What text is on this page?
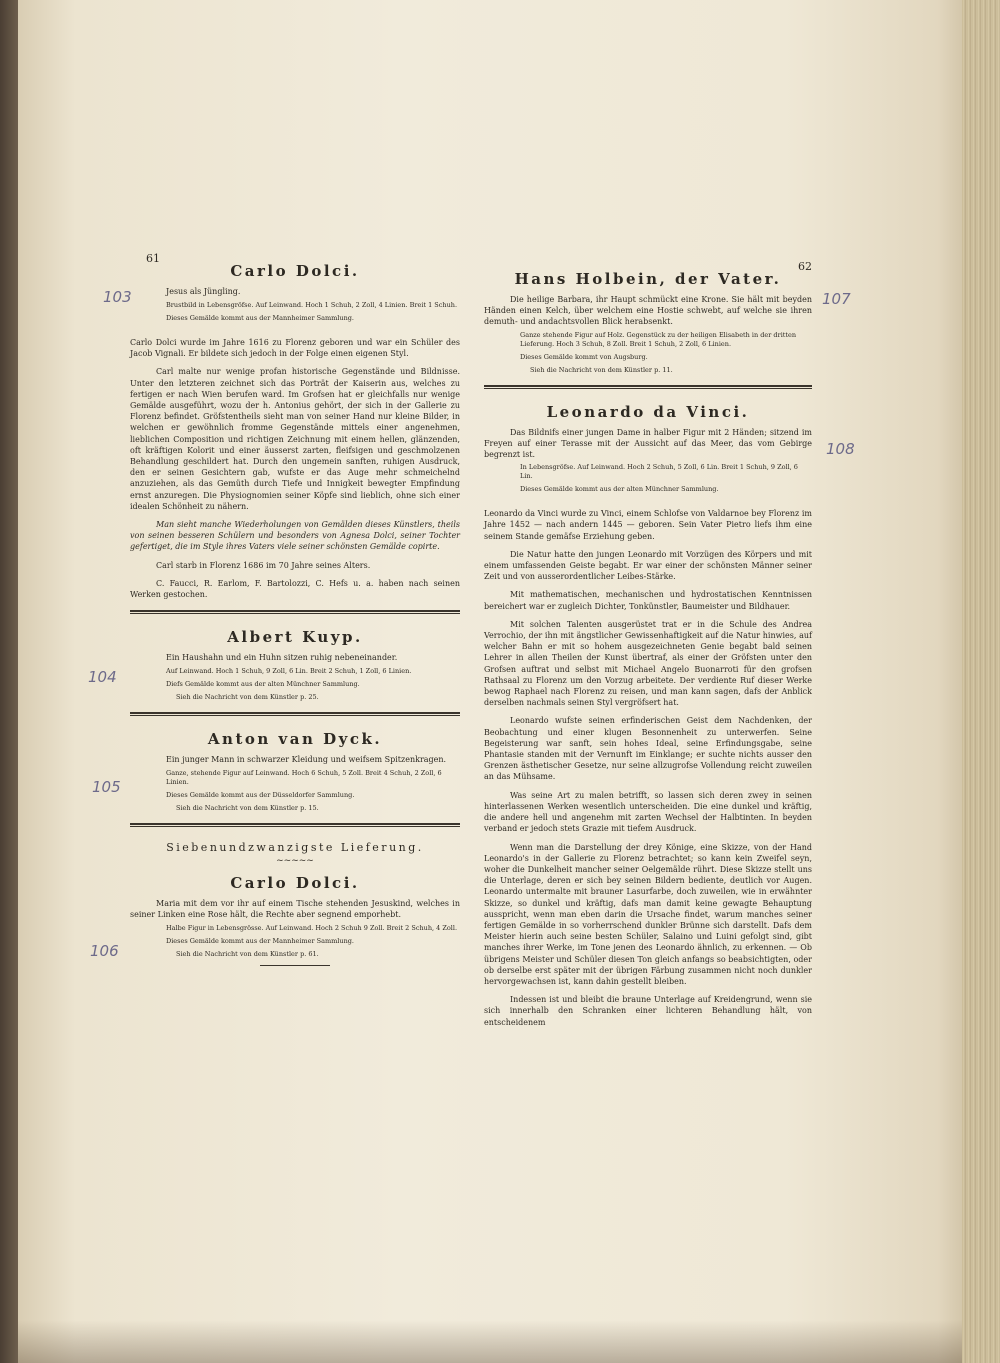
61
62
103
104
105
106
107
108
Carlo Dolci.
Jesus als Jüngling.
Brustbild in Lebensgröfse. Auf Leinwand. Hoch 1 Schuh, 2 Zoll, 4 Linien. Breit 1 Schuh.
Dieses Gemälde kommt aus der Mannheimer Sammlung.
Carlo Dolci wurde im Jahre 1616 zu Florenz geboren und war ein Schüler des Jacob Vignali. Er bildete sich jedoch in der Folge einen eigenen Styl.
Carl malte nur wenige profan historische Gegenstände und Bildnisse. Unter den letzteren zeichnet sich das Porträt der Kaiserin aus, welches zu fertigen er nach Wien berufen ward. Im Grofsen hat er gleichfalls nur wenige Gemälde ausgeführt, wozu der h. Antonius gehört, der sich in der Gallerie zu Florenz befindet. Gröfstentheils sieht man von seiner Hand nur kleine Bilder, in welchen er gewöhnlich fromme Gegenstände mittels einer angenehmen, lieblichen Composition und richtigen Zeichnung mit einem hellen, glänzenden, oft kräftigen Kolorit und einer äusserst zarten, fleifsigen und geschmolzenen Behandlung geschildert hat. Durch den ungemein sanften, ruhigen Ausdruck, den er seinen Gesichtern gab, wufste er das Auge mehr schmeichelnd anzuziehen, als das Gemüth durch Tiefe und Innigkeit bewegter Empfindung ernst anzuregen. Die Physiognomien seiner Köpfe sind lieblich, ohne sich einer idealen Schönheit zu nähern.
Man sieht manche Wiederholungen von Gemälden dieses Künstlers, theils von seinen besseren Schülern und besonders von Agnesa Dolci, seiner Tochter gefertiget, die im Style ihres Vaters viele seiner schönsten Gemälde copirte.
Carl starb in Florenz 1686 im 70 Jahre seines Alters.
C. Faucci, R. Earlom, F. Bartolozzi, C. Hefs u. a. haben nach seinen Werken gestochen.
Albert Kuyp.
Ein Haushahn und ein Huhn sitzen ruhig nebeneinander.
Auf Leinwand. Hoch 1 Schuh, 9 Zoll, 6 Lin. Breit 2 Schuh, 1 Zoll, 6 Linien.
Diefs Gemälde kommt aus der alten Münchner Sammlung.
Sieh die Nachricht von dem Künstler p. 25.
Anton van Dyck.
Ein junger Mann in schwarzer Kleidung und weifsem Spitzenkragen.
Ganze, stehende Figur auf Leinwand. Hoch 6 Schuh, 5 Zoll. Breit 4 Schuh, 2 Zoll, 6 Linien.
Dieses Gemälde kommt aus der Düsseldorfer Sammlung.
Sieh die Nachricht von dem Künstler p. 15.
Siebenundzwanzigste Lieferung.
~~~~~
Carlo Dolci.
Maria mit dem vor ihr auf einem Tische stehenden Jesuskind, welches in seiner Linken eine Rose hält, die Rechte aber segnend emporhebt.
Halbe Figur in Lebensgrösse. Auf Leinwand. Hoch 2 Schuh 9 Zoll. Breit 2 Schuh, 4 Zoll.
Dieses Gemälde kommt aus der Mannheimer Sammlung.
Sieh die Nachricht von dem Künstler p. 61.
Hans Holbein, der Vater.
Die heilige Barbara, ihr Haupt schmückt eine Krone. Sie hält mit beyden Händen einen Kelch, über welchem eine Hostie schwebt, auf welche sie ihren demuth- und andachtsvollen Blick herabsenkt.
Ganze stehende Figur auf Holz. Gegenstück zu der heiligen Elisabeth in der dritten Lieferung. Hoch 3 Schuh, 8 Zoll. Breit 1 Schuh, 2 Zoll, 6 Linien.
Dieses Gemälde kommt von Augsburg.
Sieh die Nachricht von dem Künstler p. 11.
Leonardo da Vinci.
Das Bildnifs einer jungen Dame in halber Figur mit 2 Händen; sitzend im Freyen auf einer Terasse mit der Aussicht auf das Meer, das vom Gebirge begrenzt ist.
In Lebensgröfse. Auf Leinwand. Hoch 2 Schuh, 5 Zoll, 6 Lin. Breit 1 Schuh, 9 Zoll, 6 Lin.
Dieses Gemälde kommt aus der alten Münchner Sammlung.
Leonardo da Vinci wurde zu Vinci, einem Schlofse von Valdarnoe bey Florenz im Jahre 1452 — nach andern 1445 — geboren. Sein Vater Pietro liefs ihm eine seinem Stande gemäfse Erziehung geben.
Die Natur hatte den jungen Leonardo mit Vorzügen des Körpers und mit einem umfassenden Geiste begabt. Er war einer der schönsten Männer seiner Zeit und von ausserordentlicher Leibes-Stärke.
Mit mathematischen, mechanischen und hydrostatischen Kenntnissen bereichert war er zugleich Dichter, Tonkünstler, Baumeister und Bildhauer.
Mit solchen Talenten ausgerüstet trat er in die Schule des Andrea Verrochio, der ihn mit ängstlicher Gewissenhaftigkeit auf die Natur hinwies, auf welcher Bahn er mit so hohem ausgezeichneten Genie begabt bald seinen Lehrer in allen Theilen der Kunst übertraf, als einer der Gröfsten unter den Grofsen auftrat und selbst mit Michael Angelo Buonarroti für den grofsen Rathsaal zu Florenz um den Vorzug arbeitete. Der verdiente Ruf dieser Werke bewog Raphael nach Florenz zu reisen, und man kann sagen, dafs der Anblick derselben nachmals seinen Styl vergröfsert hat.
Leonardo wufste seinen erfinderischen Geist dem Nachdenken, der Beobachtung und einer klugen Besonnenheit zu unterwerfen. Seine Begeisterung war sanft, sein hohes Ideal, seine Erfindungsgabe, seine Phantasie standen mit der Vernunft im Einklange; er suchte nichts ausser den Grenzen ästhetischer Gesetze, nur seine allzugrofse Vollendung reicht zuweilen an das Mühsame.
Was seine Art zu malen betrifft, so lassen sich deren zwey in seinen hinterlassenen Werken wesentlich unterscheiden. Die eine dunkel und kräftig, die andere hell und angenehm mit zarten Wechsel der Halbtinten. In beyden verband er jedoch stets Grazie mit tiefem Ausdruck.
Wenn man die Darstellung der drey Könige, eine Skizze, von der Hand Leonardo's in der Gallerie zu Florenz betrachtet; so kann kein Zweifel seyn, woher die Dunkelheit mancher seiner Oelgemälde rührt. Diese Skizze stellt uns die Unterlage, deren er sich bey seinen Bildern bediente, deutlich vor Augen. Leonardo untermalte mit brauner Lasurfarbe, doch zuweilen, wie in erwähnter Skizze, so dunkel und kräftig, dafs man damit keine gewagte Behauptung ausspricht, wenn man eben darin die Ursache findet, warum manches seiner fertigen Gemälde in so vorherrschend dunkler Brünne sich darstellt. Dafs dem Meister hierin auch seine besten Schüler, Salaino und Luini gefolgt sind, gibt manches ihrer Werke, im Tone jenen des Leonardo ähnlich, zu erkennen. — Ob übrigens Meister und Schüler diesen Ton gleich anfangs so beabsichtigten, oder ob derselbe erst später mit der übrigen Färbung zusammen nicht noch dunkler hervorgewachsen ist, kann dahin gestellt bleiben.
Indessen ist und bleibt die braune Unterlage auf Kreidengrund, wenn sie sich innerhalb den Schranken einer lichteren Behandlung hält, von entscheidenem
